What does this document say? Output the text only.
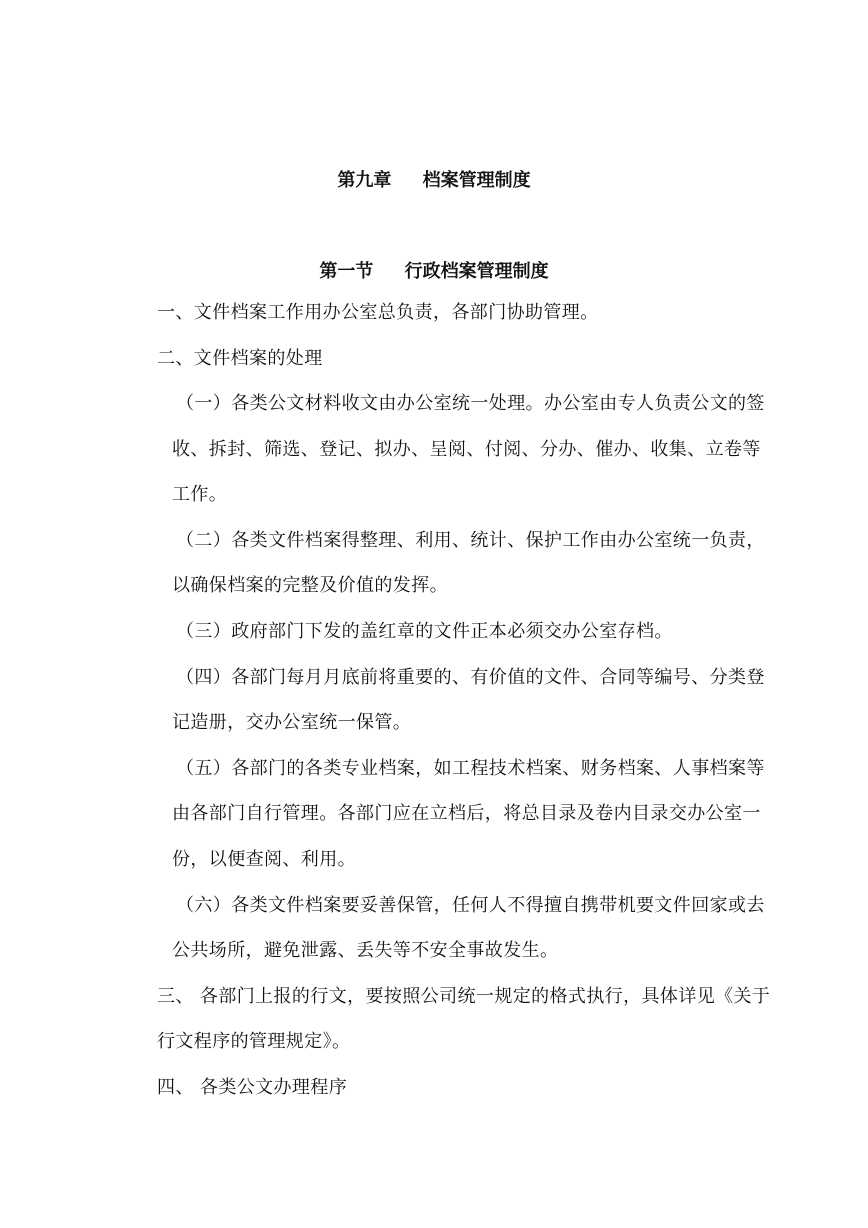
第九章     档案管理制度
第一节     行政档案管理制度
一、文件档案工作用办公室总负责，各部门协助管理。
二、文件档案的处理
（一）各类公文材料收文由办公室统一处理。办公室由专人负责公文的签
收、拆封、筛选、登记、拟办、呈阅、付阅、分办、催办、收集、立卷等
工作。
（二）各类文件档案得整理、利用、统计、保护工作由办公室统一负责，
以确保档案的完整及价值的发挥。
（三）政府部门下发的盖红章的文件正本必须交办公室存档。
（四）各部门每月月底前将重要的、有价值的文件、合同等编号、分类登
记造册，交办公室统一保管。
（五）各部门的各类专业档案，如工程技术档案、财务档案、人事档案等
由各部门自行管理。各部门应在立档后，将总目录及卷内目录交办公室一
份，以便查阅、利用。
（六）各类文件档案要妥善保管，任何人不得擅自携带机要文件回家或去
公共场所，避免泄露、丢失等不安全事故发生。
三、 各部门上报的行文，要按照公司统一规定的格式执行，具体详见《关于
行文程序的管理规定》。
四、 各类公文办理程序
